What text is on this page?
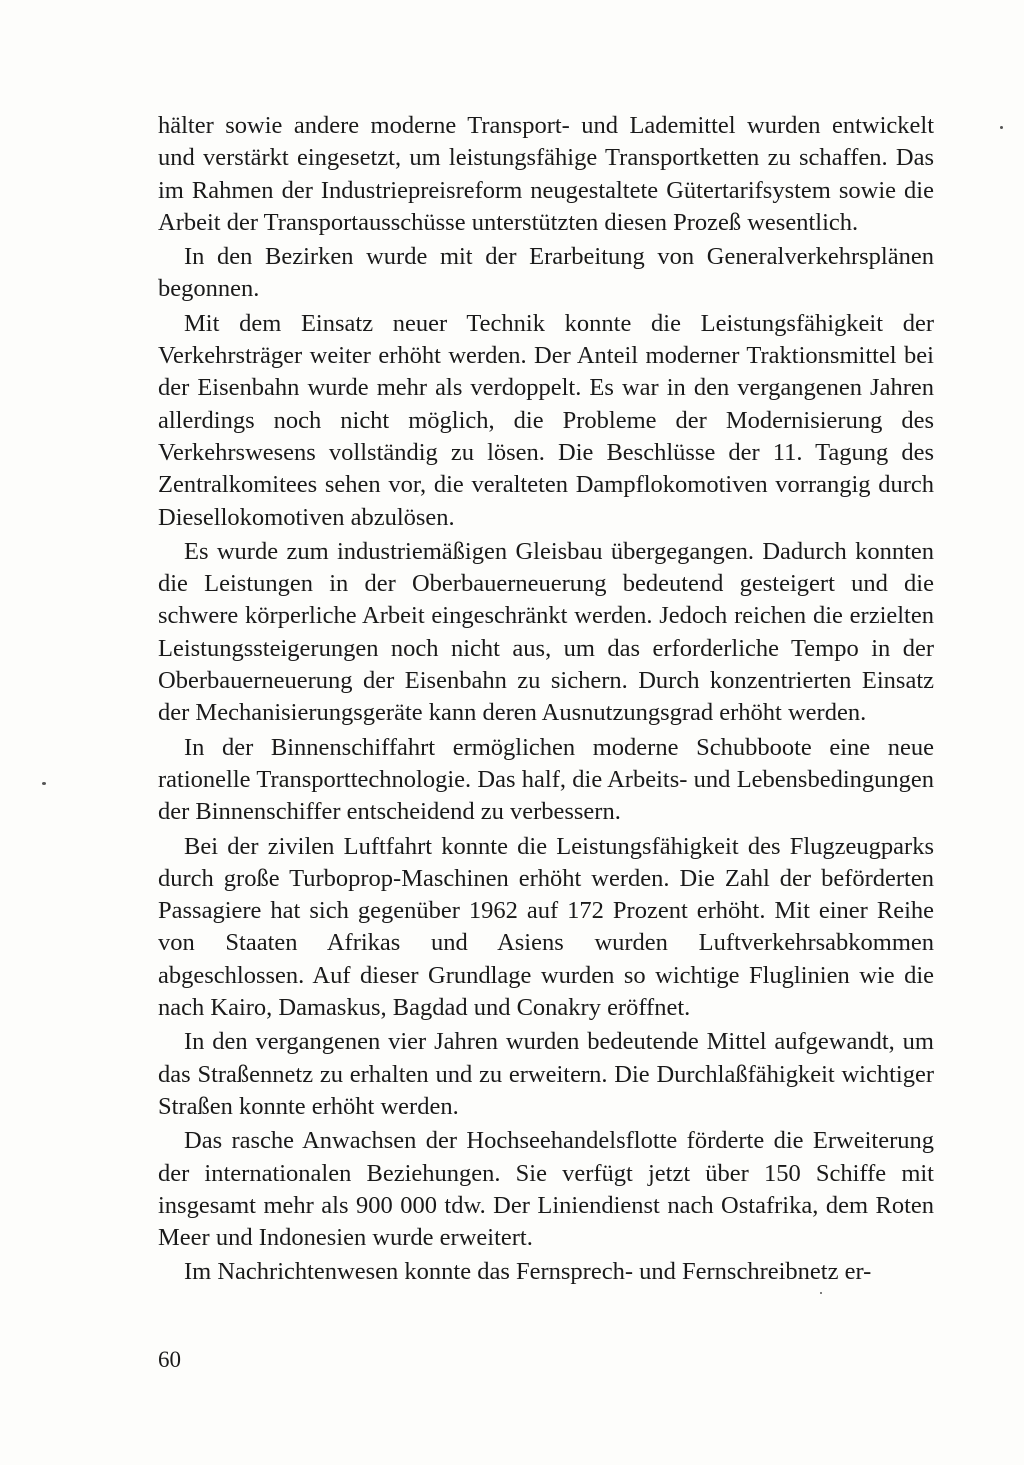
hälter sowie andere moderne Transport- und Lademittel wurden entwickelt und verstärkt eingesetzt, um leistungsfähige Transportketten zu schaffen. Das im Rahmen der Industriepreisreform neugestaltete Gütertarifsystem sowie die Arbeit der Transportausschüsse unterstützten diesen Prozeß wesentlich.

In den Bezirken wurde mit der Erarbeitung von Generalverkehrsplänen begonnen.

Mit dem Einsatz neuer Technik konnte die Leistungsfähigkeit der Verkehrsträger weiter erhöht werden. Der Anteil moderner Traktionsmittel bei der Eisenbahn wurde mehr als verdoppelt. Es war in den vergangenen Jahren allerdings noch nicht möglich, die Probleme der Modernisierung des Verkehrswesens vollständig zu lösen. Die Beschlüsse der 11. Tagung des Zentralkomitees sehen vor, die veralteten Dampflokomotiven vorrangig durch Diesellokomotiven abzulösen.

Es wurde zum industriemäßigen Gleisbau übergegangen. Dadurch konnten die Leistungen in der Oberbauerneuerung bedeutend gesteigert und die schwere körperliche Arbeit eingeschränkt werden. Jedoch reichen die erzielten Leistungssteigerungen noch nicht aus, um das erforderliche Tempo in der Oberbauerneuerung der Eisenbahn zu sichern. Durch konzentrierten Einsatz der Mechanisierungsgeräte kann deren Ausnutzungsgrad erhöht werden.

In der Binnenschiffahrt ermöglichen moderne Schubboote eine neue rationelle Transporttechnologie. Das half, die Arbeits- und Lebensbedingungen der Binnenschiffer entscheidend zu verbessern.

Bei der zivilen Luftfahrt konnte die Leistungsfähigkeit des Flugzeugparks durch große Turboprop-Maschinen erhöht werden. Die Zahl der beförderten Passagiere hat sich gegenüber 1962 auf 172 Prozent erhöht. Mit einer Reihe von Staaten Afrikas und Asiens wurden Luftverkehrsabkommen abgeschlossen. Auf dieser Grundlage wurden so wichtige Fluglinien wie die nach Kairo, Damaskus, Bagdad und Conakry eröffnet.

In den vergangenen vier Jahren wurden bedeutende Mittel aufgewandt, um das Straßennetz zu erhalten und zu erweitern. Die Durchlaßfähigkeit wichtiger Straßen konnte erhöht werden.

Das rasche Anwachsen der Hochseehandelsflotte förderte die Erweiterung der internationalen Beziehungen. Sie verfügt jetzt über 150 Schiffe mit insgesamt mehr als 900 000 tdw. Der Liniendienst nach Ostafrika, dem Roten Meer und Indonesien wurde erweitert.

Im Nachrichtenwesen konnte das Fernsprech- und Fernschreibnetz er-

60
